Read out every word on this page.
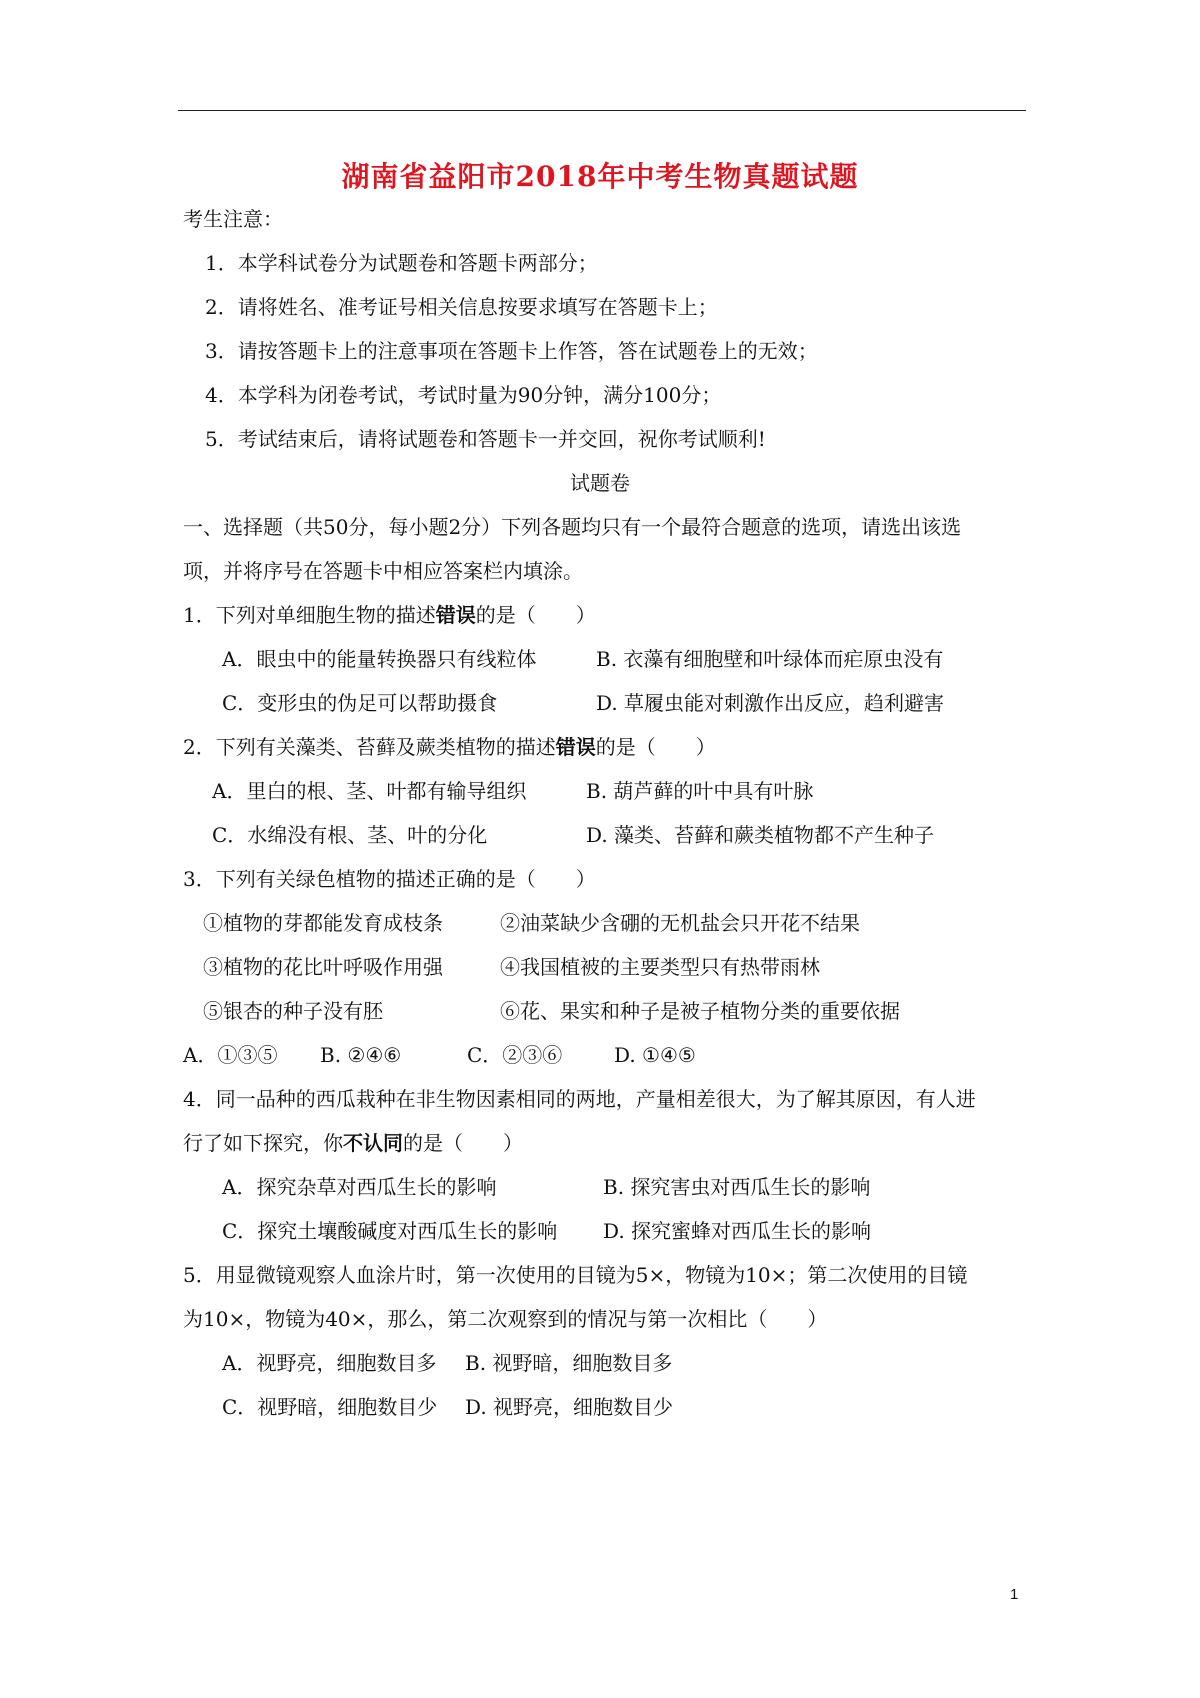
湖南省益阳市2018年中考生物真题试题
考生注意：
1．本学科试卷分为试题卷和答题卡两部分；
2．请将姓名、准考证号相关信息按要求填写在答题卡上；
3．请按答题卡上的注意事项在答题卡上作答，答在试题卷上的无效；
4．本学科为闭卷考试，考试时量为90分钟，满分100分；
5．考试结束后，请将试题卷和答题卡一并交回，祝你考试顺利!
试题卷
一、选择题（共50分，每小题2分）下列各题均只有一个最符合题意的选项，请选出该选
项，并将序号在答题卡中相应答案栏内填涂。
1．下列对单细胞生物的描述错误的是（　　）
A．眼虫中的能量转换器只有线粒体	B. 衣藻有细胞壁和叶绿体而疟原虫没有
C．变形虫的伪足可以帮助摄食	D. 草履虫能对刺激作出反应，趋利避害
2．下列有关藻类、苔藓及蕨类植物的描述错误的是（　　）
A．里白的根、茎、叶都有输导组织	B. 葫芦藓的叶中具有叶脉
C．水绵没有根、茎、叶的分化	D. 藻类、苔藓和蕨类植物都不产生种子
3．下列有关绿色植物的描述正确的是（　　）
①植物的芽都能发育成枝条	②油菜缺少含硼的无机盐会只开花不结果
③植物的花比叶呼吸作用强	④我国植被的主要类型只有热带雨林
⑤银杏的种子没有胚	⑥花、果实和种子是被子植物分类的重要依据
A．①③⑤ B. ②④⑥	C．②③⑥	D. ①④⑤
4．同一品种的西瓜栽种在非生物因素相同的两地，产量相差很大，为了解其原因，有人进
行了如下探究，你不认同的是（　　）
A．探究杂草对西瓜生长的影响	B. 探究害虫对西瓜生长的影响
C．探究土壤酸碱度对西瓜生长的影响 D. 探究蜜蜂对西瓜生长的影响
5．用显微镜观察人血涂片时，第一次使用的目镜为5×，物镜为10×；第二次使用的目镜
为10×，物镜为40×，那么，第二次观察到的情况与第一次相比（　　）
A．视野亮，细胞数目多 B. 视野暗，细胞数目多
C．视野暗，细胞数目少 D. 视野亮，细胞数目少
1
